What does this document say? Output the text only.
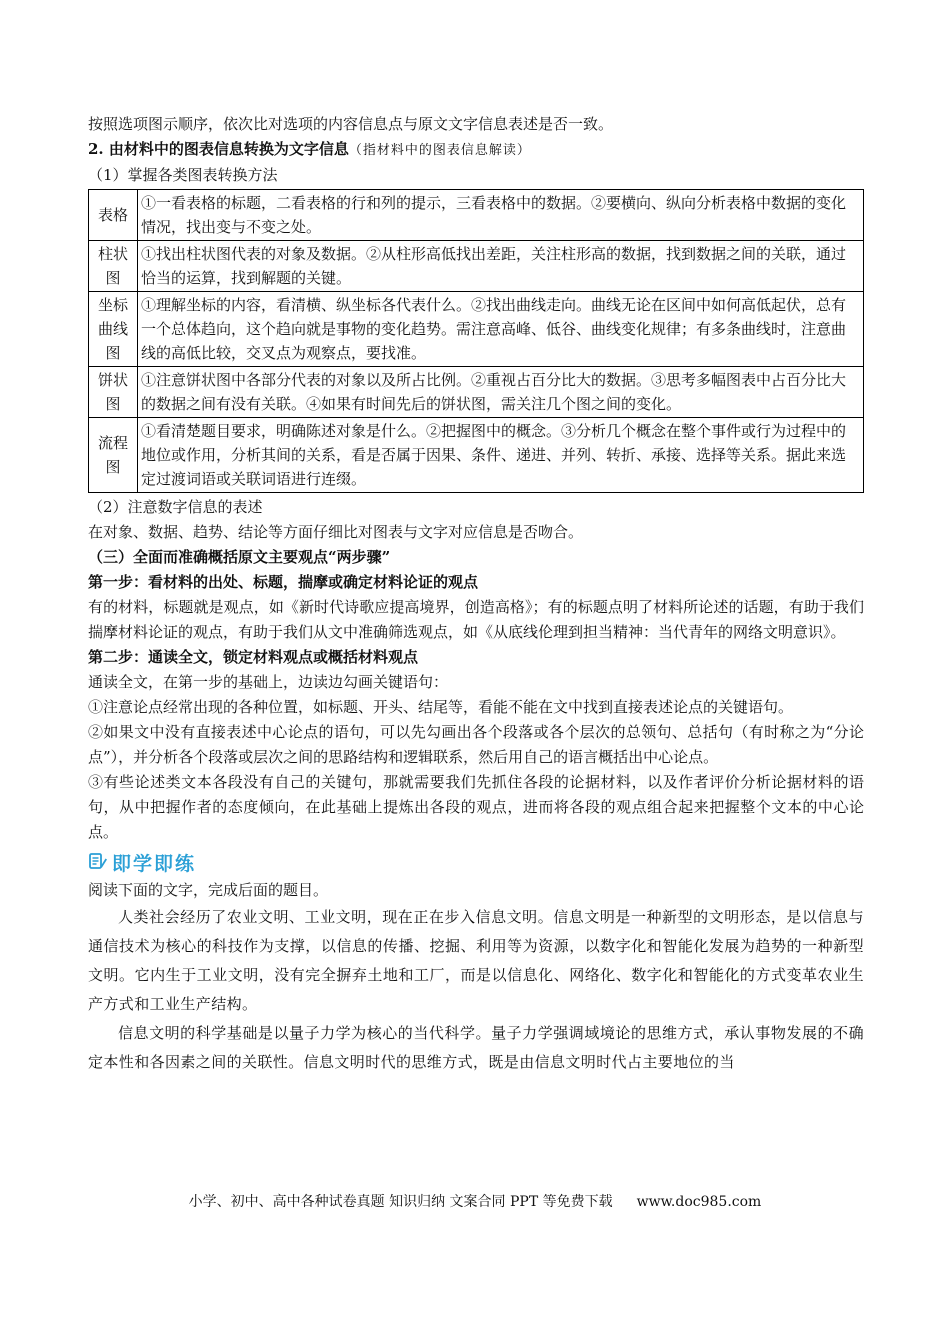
按照选项图示顺序，依次比对选项的内容信息点与原文文字信息表述是否一致。

2. 由材料中的图表信息转换为文字信息（指材料中的图表信息解读）

（1）掌握各类图表转换方法

表格	①一看表格的标题，二看表格的行和列的提示，三看表格中的数据。②要横向、纵向分析表格中数据的变化情况，找出变与不变之处。
柱状图	①找出柱状图代表的对象及数据。②从柱形高低找出差距，关注柱形高的数据，找到数据之间的关联，通过恰当的运算，找到解题的关键。
坐标曲线图	①理解坐标的内容，看清横、纵坐标各代表什么。②找出曲线走向。曲线无论在区间中如何高低起伏，总有一个总体趋向，这个趋向就是事物的变化趋势。需注意高峰、低谷、曲线变化规律；有多条曲线时，注意曲线的高低比较，交叉点为观察点，要找准。
饼状图	①注意饼状图中各部分代表的对象以及所占比例。②重视占百分比大的数据。③思考多幅图表中占百分比大的数据之间有没有关联。④如果有时间先后的饼状图，需关注几个图之间的变化。
流程图	①看清楚题目要求，明确陈述对象是什么。②把握图中的概念。③分析几个概念在整个事件或行为过程中的地位或作用，分析其间的关系，看是否属于因果、条件、递进、并列、转折、承接、选择等关系。据此来选定过渡词语或关联词语进行连缀。

（2）注意数字信息的表述

在对象、数据、趋势、结论等方面仔细比对图表与文字对应信息是否吻合。

（三）全面而准确概括原文主要观点“两步骤”

第一步：看材料的出处、标题，揣摩或确定材料论证的观点

有的材料，标题就是观点，如《新时代诗歌应提高境界，创造高格》；有的标题点明了材料所论述的话题，有助于我们揣摩材料论证的观点，有助于我们从文中准确筛选观点，如《从底线伦理到担当精神：当代青年的网络文明意识》。

第二步：通读全文，锁定材料观点或概括材料观点

通读全文，在第一步的基础上，边读边勾画关键语句：

①注意论点经常出现的各种位置，如标题、开头、结尾等，看能不能在文中找到直接表述论点的关键语句。

②如果文中没有直接表述中心论点的语句，可以先勾画出各个段落或各个层次的总领句、总括句（有时称之为“分论点”），并分析各个段落或层次之间的思路结构和逻辑联系，然后用自己的语言概括出中心论点。

③有些论述类文本各段没有自己的关键句，那就需要我们先抓住各段的论据材料，以及作者评价分析论据材料的语句，从中把握作者的态度倾向，在此基础上提炼出各段的观点，进而将各段的观点组合起来把握整个文本的中心论点。

即学即练

阅读下面的文字，完成后面的题目。

人类社会经历了农业文明、工业文明，现在正在步入信息文明。信息文明是一种新型的文明形态，是以信息与通信技术为核心的科技作为支撑，以信息的传播、挖掘、利用等为资源，以数字化和智能化发展为趋势的一种新型文明。它内生于工业文明，没有完全摒弃土地和工厂，而是以信息化、网络化、数字化和智能化的方式变革农业生产方式和工业生产结构。

信息文明的科学基础是以量子力学为核心的当代科学。量子力学强调域境论的思维方式，承认事物发展的不确定本性和各因素之间的关联性。信息文明时代的思维方式，既是由信息文明时代占主要地位的当

小学、初中、高中各种试卷真题 知识归纳 文案合同 PPT 等免费下载 www.doc985.com
